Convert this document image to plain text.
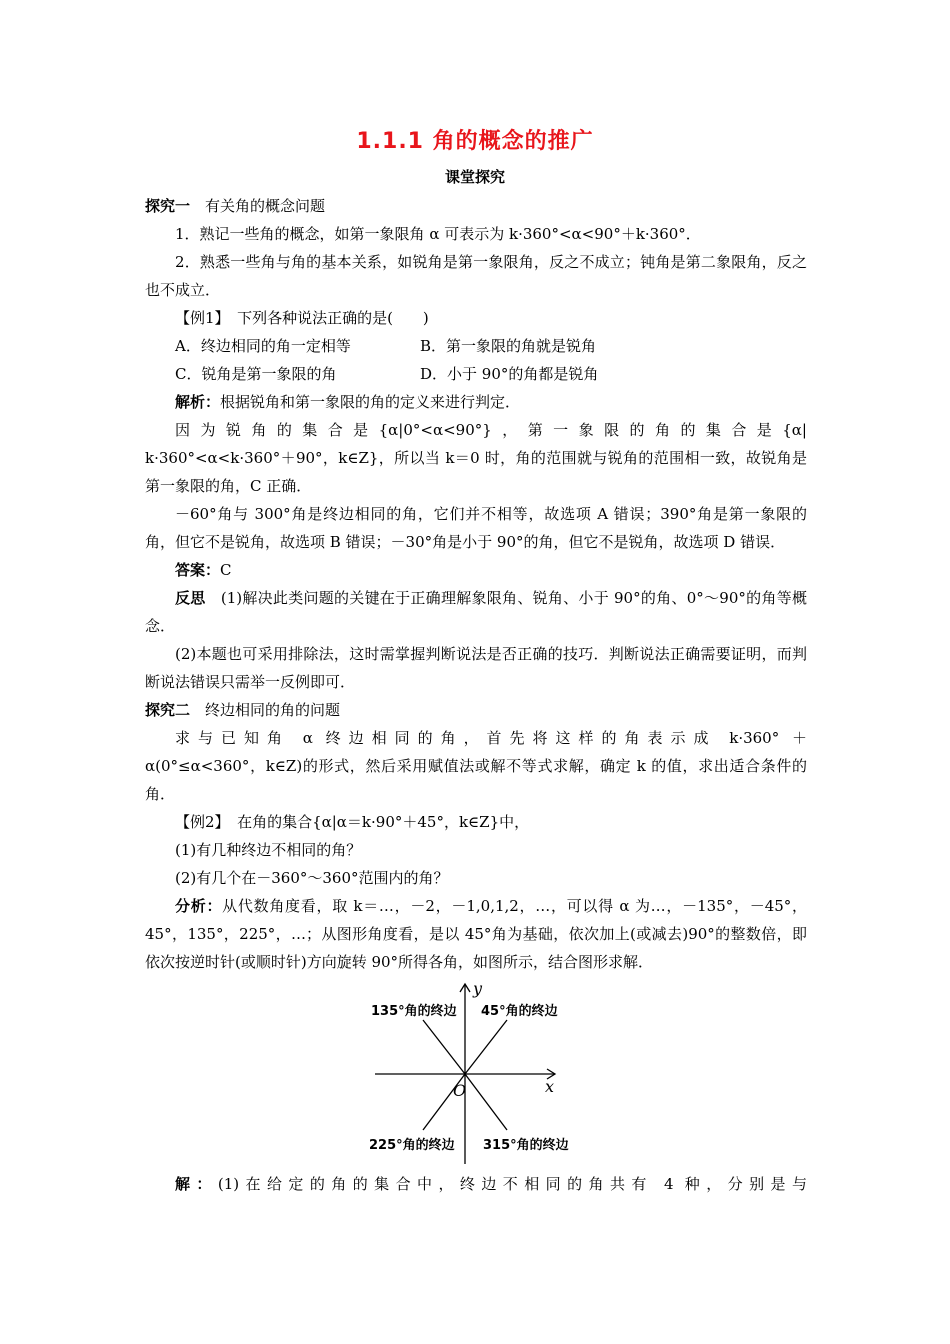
1.1.1 角的概念的推广
课堂探究

探究一　 有关角的概念问题

1．熟记一些角的概念，如第一象限角 α 可表示为 k·360°<α<90°＋k·360°．

2．熟悉一些角与角的基本关系，如锐角是第一象限角，反之不成立；钝角是第二象限角，反之也不成立．

【例1】　 下列各种说法正确的是(　　)

A．终边相同的角一定相等	B．第一象限的角就是锐角
C．锐角是第一象限的角	D．小于 90°的角都是锐角

解析：根据锐角和第一象限的角的定义来进行判定．

因为锐角的集合是{α|0°<α<90°}，第一象限的角的集合是{α|

k·360°<α<k·360°＋90°，k∈Z}，所以当 k＝0 时，角的范围就与锐角的范围相一致，故锐角是第一象限的角，C 正确．

－60°角与 300°角是终边相同的角，它们并不相等，故选项 A 错误；390°角是第一象限的角，但它不是锐角，故选项 B 错误；－30°角是小于 90°的角，但它不是锐角，故选项 D 错误．

答案：C

反思　 (1)解决此类问题的关键在于正确理解象限角、锐角、小于 90°的角、0°～90°的角等概念．

(2)本题也可采用排除法，这时需掌握判断说法是否正确的技巧．判断说法正确需要证明，而判断说法错误只需举一反例即可．

探究二　 终边相同的角的问题

求与已知角 α 终边相同的角，首先将这样的角表示成 k·360° ＋

α(0°≤α<360°，k∈Z)的形式，然后采用赋值法或解不等式求解，确定 k 的值，求出适合条件的角．

【例2】　 在角的集合{α|α＝k·90°＋45°，k∈Z}中，

(1)有几种终边不相同的角？

(2)有几个在－360°～360°范围内的角？

分析：从代数角度看，取 k＝…，－2，－1,0,1,2，…，可以得 α 为…，－135°，－45°，45°，135°，225°，…；从图形角度看，是以 45°角为基础，依次加上(或减去)90°的整数倍，即依次按逆时针(或顺时针)方向旋转 90°所得各角，如图所示，结合图形求解．

135°角的终边 45°角的终边
225°角的终边 315°角的终边
y
x
O

解：(1)在给定的角的集合中，终边不相同的角共有 4 种，分别是与
